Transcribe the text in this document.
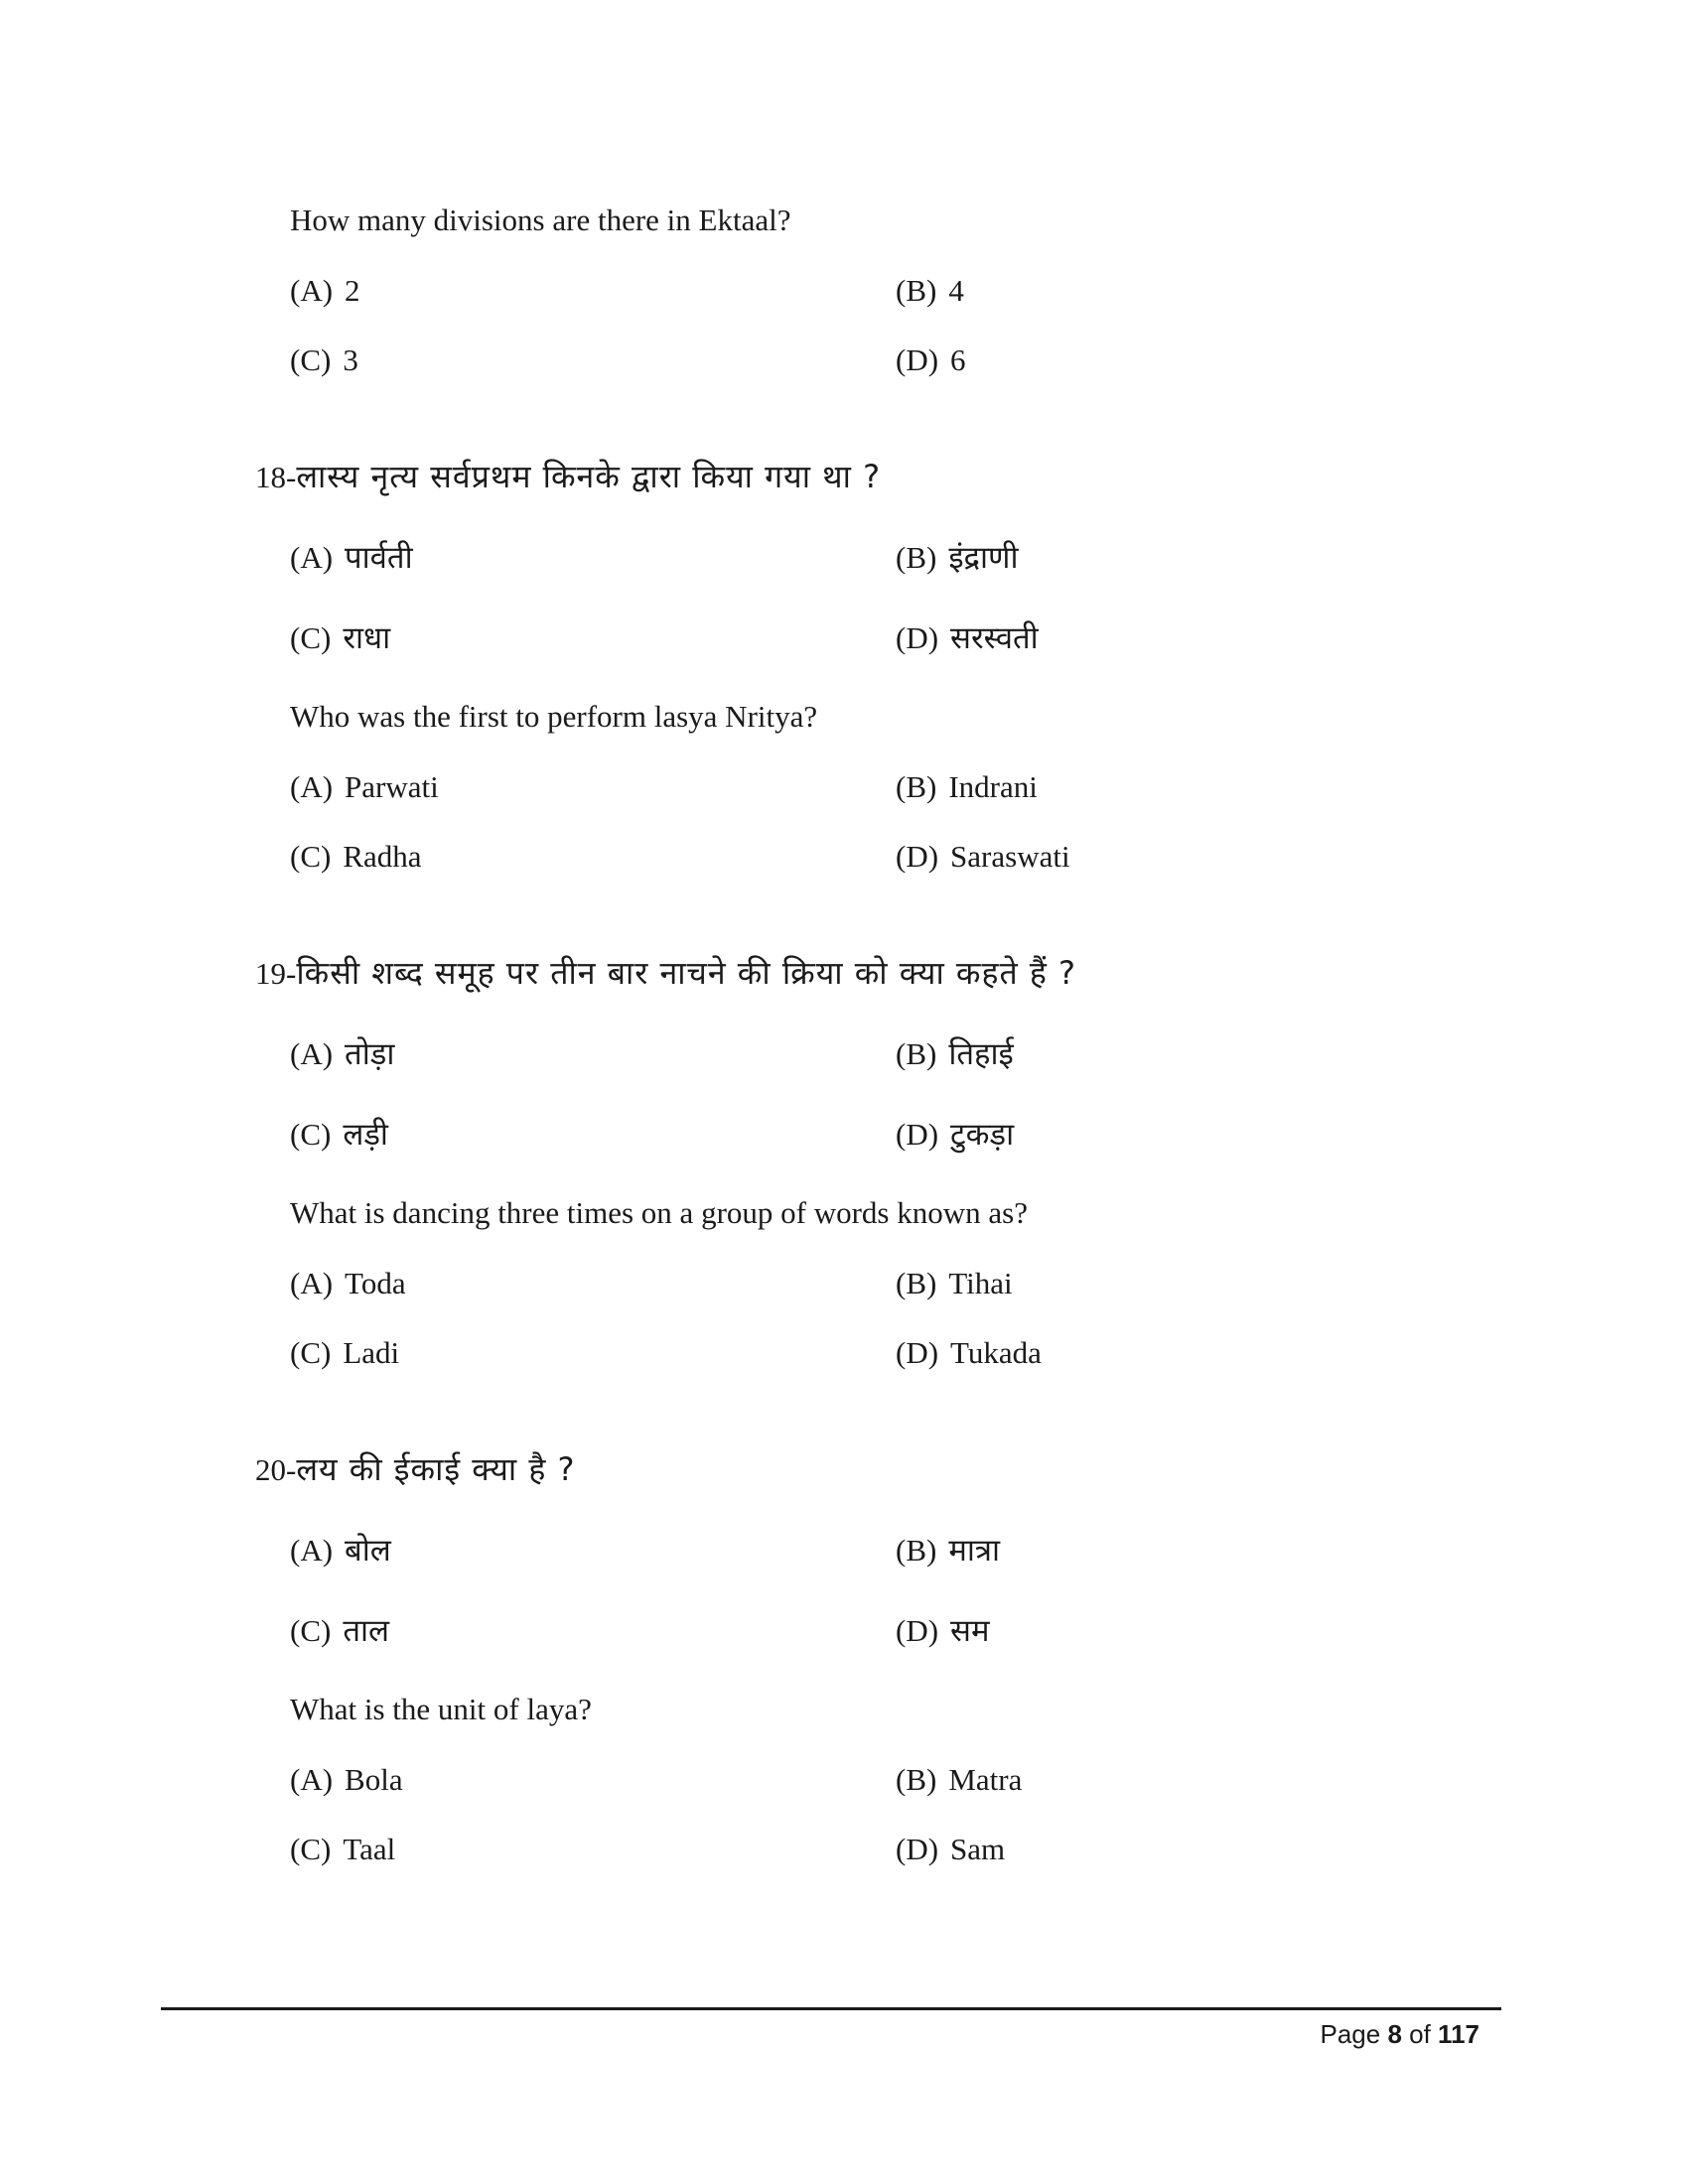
How many divisions are there in Ektaal?
(A) 2	(B) 4
(C) 3	(D) 6
18-लास्य नृत्य सर्वप्रथम किनके द्वारा किया गया था ?
(A) पार्वती	(B) इंद्राणी
(C) राधा	(D) सरस्वती
Who was the first to perform lasya Nritya?
(A) Parwati	(B) Indrani
(C) Radha	(D) Saraswati
19-किसी शब्द समूह पर तीन बार नाचने की क्रिया को क्या कहते हैं ?
(A) तोड़ा	(B) तिहाई
(C) लड़ी	(D) टुकड़ा
What is dancing three times on a group of words known as?
(A) Toda	(B) Tihai
(C) Ladi	(D) Tukada
20-लय की ईकाई क्या है ?
(A) बोल	(B) मात्रा
(C) ताल	(D) सम
What is the unit of laya?
(A) Bola	(B) Matra
(C) Taal	(D) Sam
Page 8 of 117
